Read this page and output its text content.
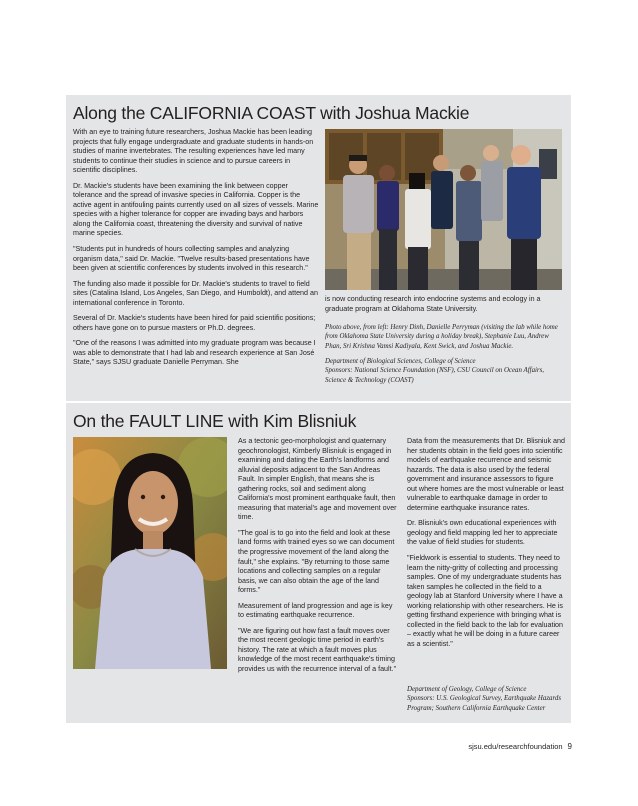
Along the CALIFORNIA COAST with Joshua Mackie

With an eye to training future researchers, Joshua Mackie has been leading projects that fully engage undergraduate and graduate students in hands-on studies of marine invertebrates. The resulting experiences have led many students to continue their studies in science and to pursue careers in scientific disciplines.

Dr. Mackie's students have been examining the link between copper tolerance and the spread of invasive species in California. Copper is the active agent in antifouling paints currently used on all sizes of vessels. Marine species with a higher tolerance for copper are invading bays and harbors along the California coast, threatening the diversity and survival of native marine species.

"Students put in hundreds of hours collecting samples and analyzing organism data," said Dr. Mackie. "Twelve results-based presentations have been given at scientific conferences by students involved in this research."

The funding also made it possible for Dr. Mackie's students to travel to field sites (Catalina Island, Los Angeles, San Diego, and Humboldt), and attend an international conference in Toronto.

Several of Dr. Mackie's students have been hired for paid scientific positions; others have gone on to pursue masters or Ph.D. degrees.

"One of the reasons I was admitted into my graduate program was because I was able to demonstrate that I had lab and research experience at San José State," says SJSU graduate Danielle Perryman. She

is now conducting research into endocrine systems and ecology in a graduate program at Oklahoma State University.
Photo above, from left: Henry Dinh, Danielle Perryman (visiting the lab while home from Oklahoma State University during a holiday break), Stephanie Luu, Andrew Phan, Sri Krishna Vamsi Kadiyala, Kent Swick, and Joshua Mackie.
Department of Biological Sciences, College of Science
Sponsors: National Science Foundation (NSF), CSU Council on Ocean Affairs, Science & Technology (COAST)
On the FAULT LINE with Kim Blisniuk

As a tectonic geo-morphologist and quaternary geochronologist, Kimberly Blisniuk is engaged in examining and dating the Earth's landforms and alluvial deposits adjacent to the San Andreas Fault. In simpler English, that means she is gathering rocks, soil and sediment along California's most prominent earthquake fault, then measuring that material's age and movement over time.

"The goal is to go into the field and look at these land forms with trained eyes so we can document the progressive movement of the land along the fault," she explains. "By returning to those same locations and collecting samples on a regular basis, we can also obtain the age of the land forms."

Measurement of land progression and age is key to estimating earthquake recurrence.

"We are figuring out how fast a fault moves over the most recent geologic time period in earth's history. The rate at which a fault moves plus knowledge of the most recent earthquake's timing provides us with the recurrence interval of a fault."

Data from the measurements that Dr. Blisniuk and her students obtain in the field goes into scientific models of earthquake recurrence and seismic hazards. The data is also used by the federal government and insurance assessors to figure out where homes are the most vulnerable or least vulnerable to earthquake damage in order to determine earthquake insurance rates.

Dr. Blisniuk's own educational experiences with geology and field mapping led her to appreciate the value of field studies for students.

"Fieldwork is essential to students. They need to learn the nitty-gritty of collecting and processing samples. One of my undergraduate students has taken samples he collected in the field to a geology lab at Stanford University where I have a working relationship with other researchers. He is getting firsthand experience with bringing what is collected in the field back to the lab for evaluation – exactly what he will be doing in a future career as a scientist."

Department of Geology, College of Science
Sponsors: U.S. Geological Survey, Earthquake Hazards Program; Southern California Earthquake Center
sjsu.edu/researchfoundation 9
